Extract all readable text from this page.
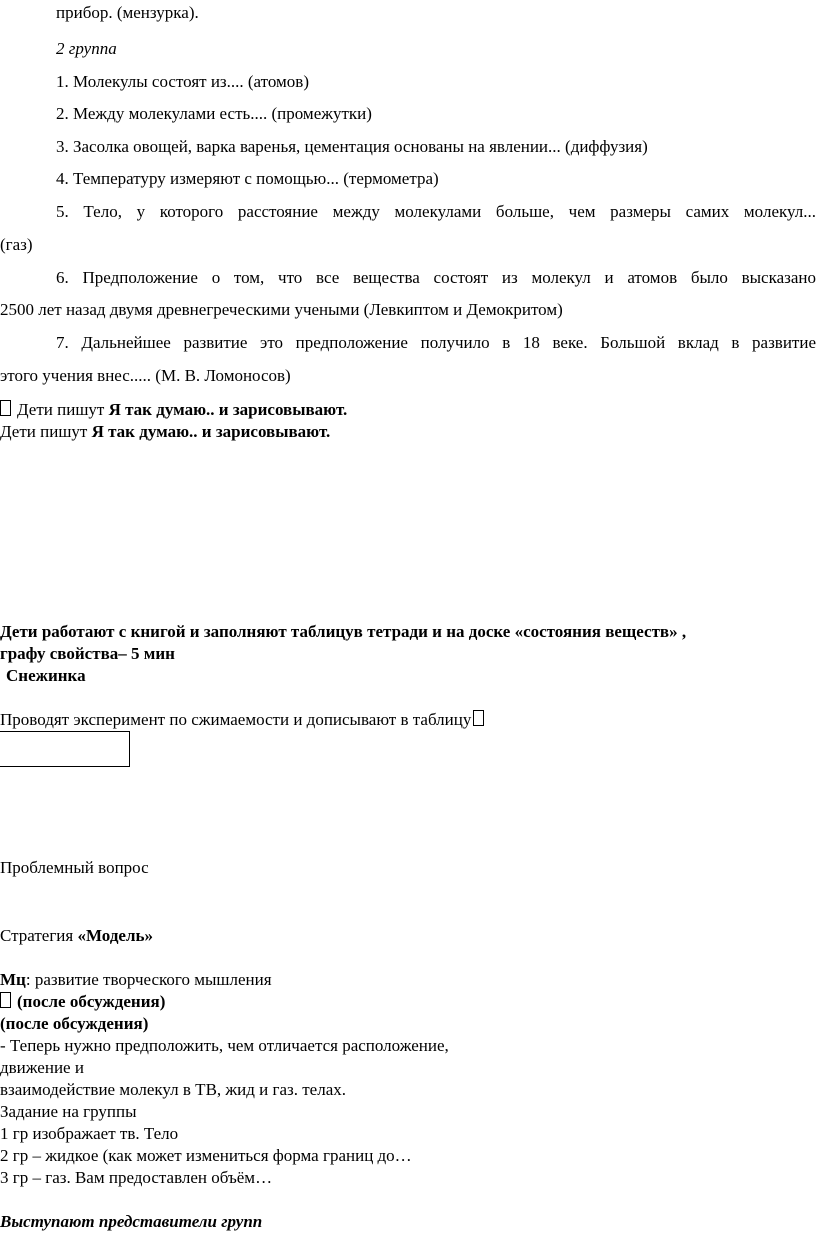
прибор. (мензурка).
2 группа
1. Молекулы состоят из.... (атомов)
2. Между молекулами есть.... (промежутки)
3. Засолка овощей, варка варенья, цементация основаны на явлении... (диффузия)
4. Температуру измеряют с помощью... (термометра)
5. Тело, у которого расстояние между молекулами больше, чем размеры самих молекул...
(газ)
6. Предположение о том, что все вещества состоят из молекул и атомов было высказано
2500 лет назад двумя древнегреческими учеными (Левкиптом и Демокритом)
7. Дальнейшее развитие это предположение получило в 18 веке. Большой вклад в развитие
этого учения внес..... (М. В. Ломоносов)
Дети пишут Я так думаю.. и зарисовывают.
Дети пишут Я так думаю.. и зарисовывают.
Дети работают с книгой и заполняют таблицув тетради и на доске «состояния веществ» ,
графу свойства– 5 мин
Снежинка
Проводят эксперимент по сжимаемости и дописывают в таблицу
Проблемный вопрос
Стратегия «Модель»
Мц: развитие творческого мышления
(после обсуждения)
(после обсуждения)
- Теперь нужно предположить, чем отличается расположение,
движение и
взаимодействие молекул в ТВ, жид и газ. телах.
Задание на группы
1 гр изображает тв. Тело
2 гр – жидкое (как может измениться форма границ до…
3 гр – газ. Вам предоставлен объём…
Выступают представители групп
